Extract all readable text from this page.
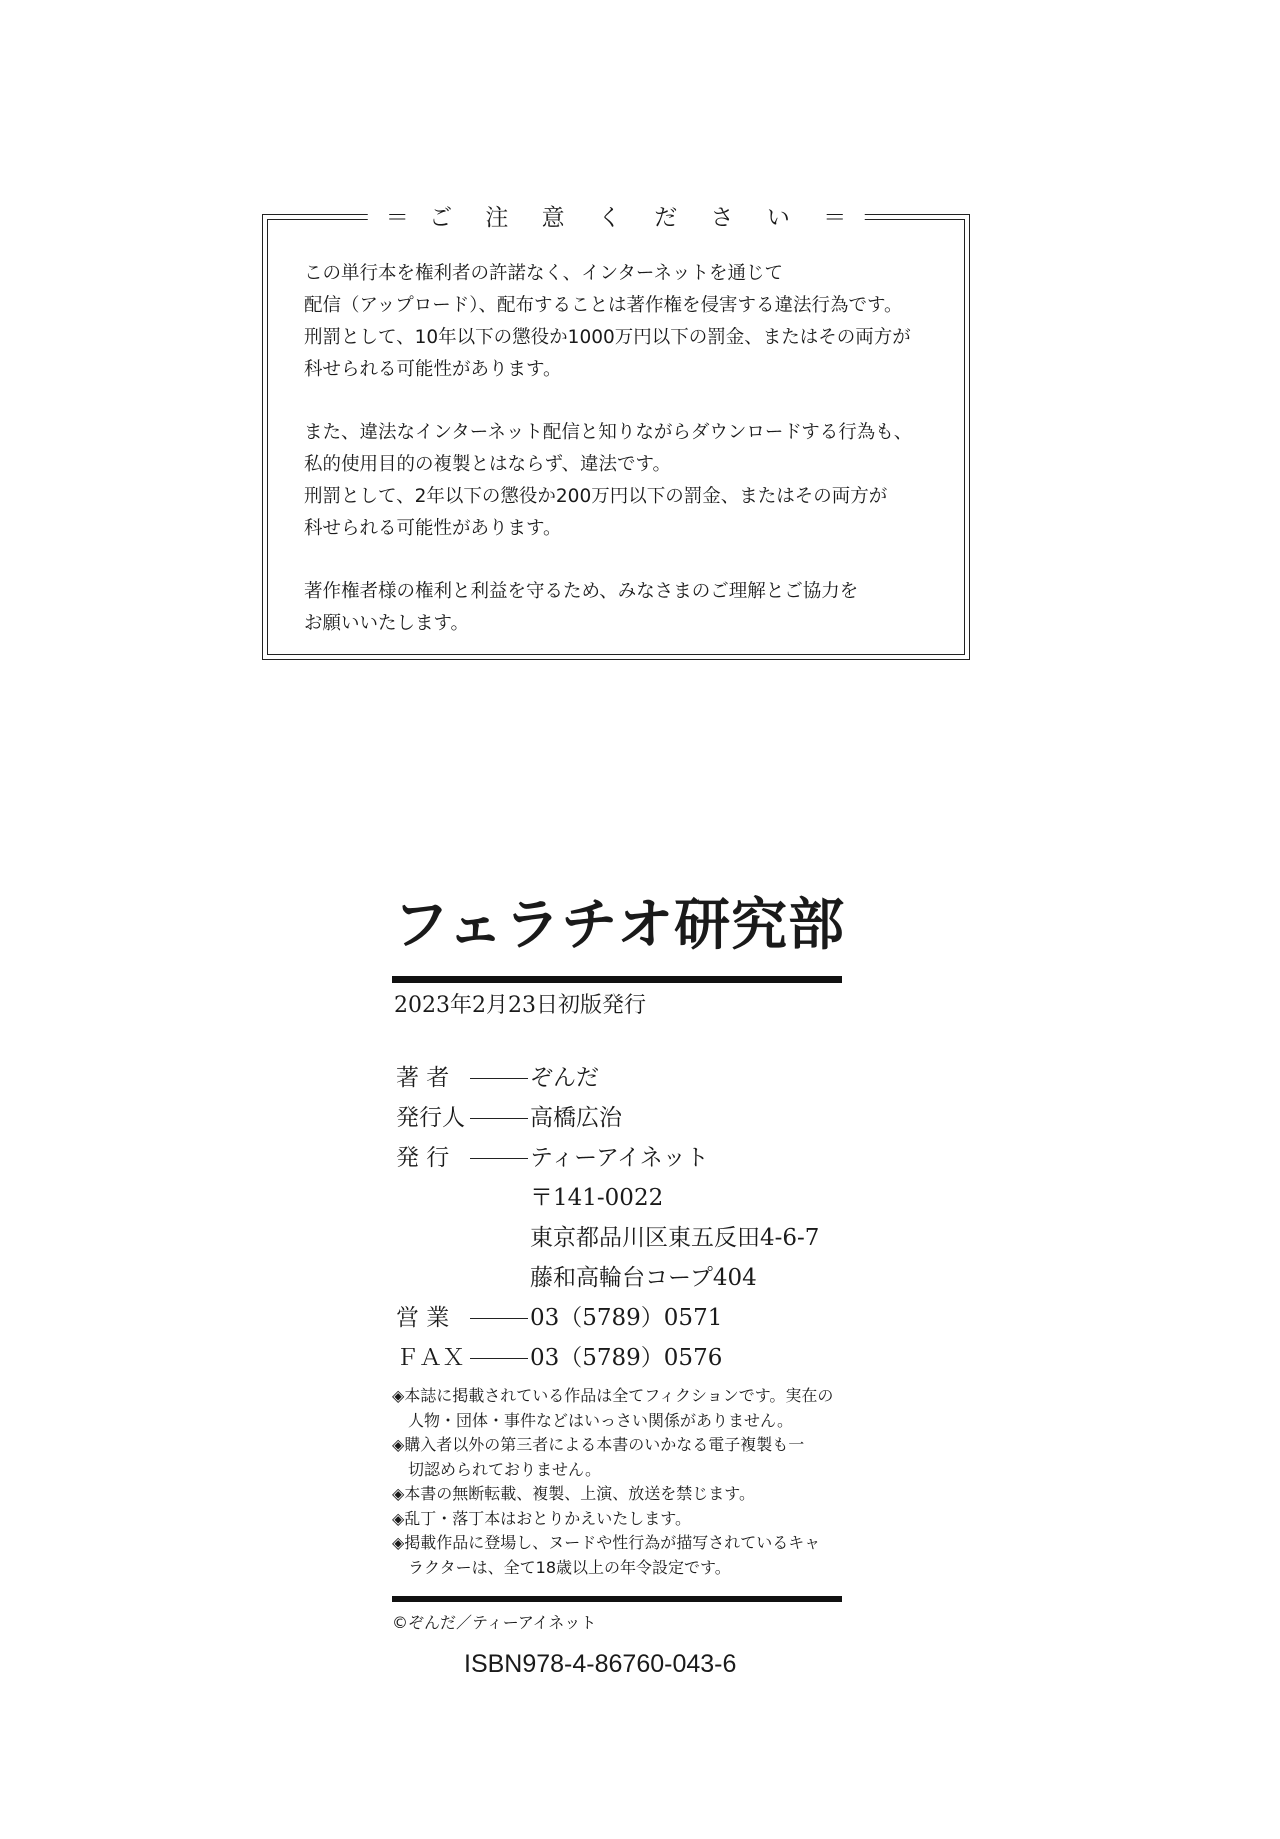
＝ ご 注 意 く だ さ い ＝

この単行本を権利者の許諾なく、インターネットを通じて
配信（アップロード）、配布することは著作権を侵害する違法行為です。
刑罰として、10年以下の懲役か1000万円以下の罰金、またはその両方が
科せられる可能性があります。

また、違法なインターネット配信と知りながらダウンロードする行為も、
私的使用目的の複製とはならず、違法です。
刑罰として、2年以下の懲役か200万円以下の罰金、またはその両方が
科せられる可能性があります。

著作権者様の権利と利益を守るため、みなさまのご理解とご協力を
お願いいたします。

フェラチオ研究部
2023年2月23日初版発行
著 者	ぞんだ
発行人	高橋広治
発 行	ティーアイネット
〒141-0022
東京都品川区東五反田4-6-7
藤和高輪台コープ404
営 業	03（5789）0571
ＦＡＸ	03（5789）0576
◈本誌に掲載されている作品は全てフィクションです。実在の
人物・団体・事件などはいっさい関係がありません。
◈購入者以外の第三者による本書のいかなる電子複製も一
切認められておりません。
◈本書の無断転載、複製、上演、放送を禁じます。
◈乱丁・落丁本はおとりかえいたします。
◈掲載作品に登場し、ヌードや性行為が描写されているキャ
ラクターは、全て18歳以上の年令設定です。
©ぞんだ／ティーアイネット
ISBN978-4-86760-043-6
